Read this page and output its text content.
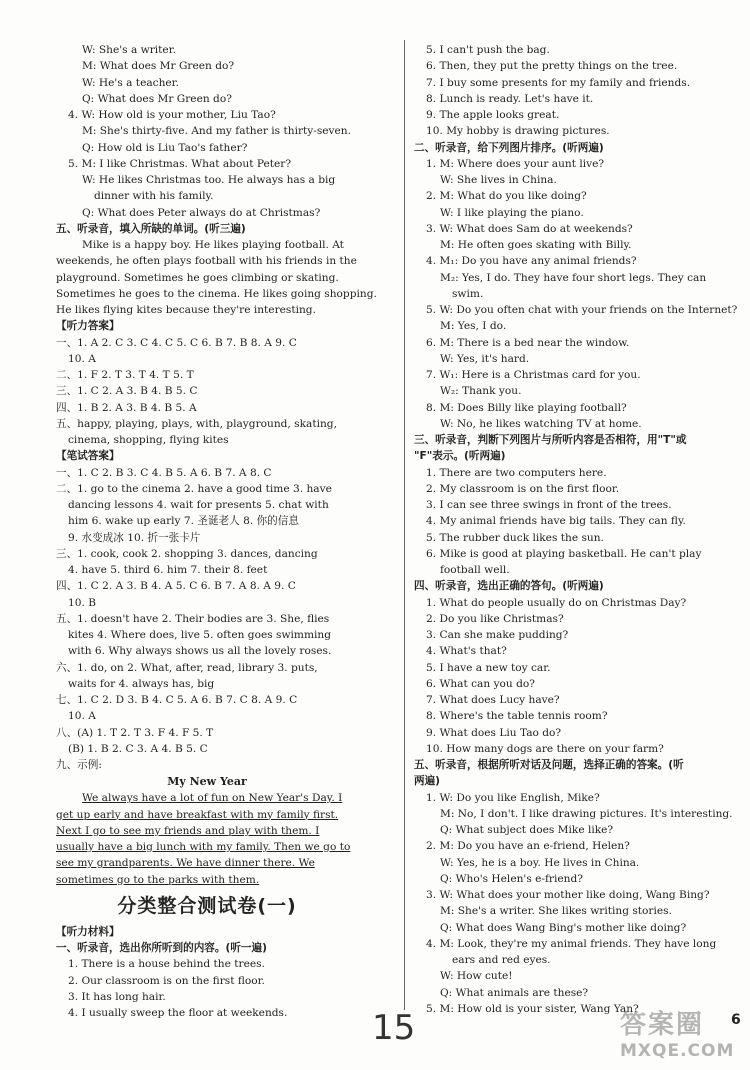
W: She's a writer.
M: What does Mr Green do?
W: He's a teacher.
Q: What does Mr Green do?
4. W: How old is your mother, Liu Tao?
M: She's thirty-five. And my father is thirty-seven.
Q: How old is Liu Tao's father?
5. M: I like Christmas. What about Peter?
W: He likes Christmas too. He always has a big
dinner with his family.
Q: What does Peter always do at Christmas?
五、听录音，填入所缺的单词。(听三遍)
Mike is a happy boy. He likes playing football. At
weekends, he often plays football with his friends in the
playground. Sometimes he goes climbing or skating.
Sometimes he goes to the cinema. He likes going shopping.
He likes flying kites because they're interesting.
【听力答案】
一、1. A 2. C 3. C 4. C 5. C 6. B 7. B 8. A 9. C
10. A
二、1. F 2. T 3. T 4. T 5. T
三、1. C 2. A 3. B 4. B 5. C
四、1. B 2. A 3. B 4. B 5. A
五、happy, playing, plays, with, playground, skating,
cinema, shopping, flying kites
【笔试答案】
一、1. C 2. B 3. C 4. B 5. A 6. B 7. A 8. C
二、1. go to the cinema 2. have a good time 3. have
dancing lessons 4. wait for presents 5. chat with
him 6. wake up early 7. 圣诞老人 8. 你的信息
9. 水变成冰 10. 折一张卡片
三、1. cook, cook 2. shopping 3. dances, dancing
4. have 5. third 6. him 7. their 8. feet
四、1. C 2. A 3. B 4. A 5. C 6. B 7. A 8. A 9. C
10. B
五、1. doesn't have 2. Their bodies are 3. She, flies
kites 4. Where does, live 5. often goes swimming
with 6. Why always shows us all the lovely roses.
六、1. do, on 2. What, after, read, library 3. puts,
waits for 4. always has, big
七、1. C 2. D 3. B 4. C 5. A 6. B 7. C 8. A 9. C
10. A
八、(A) 1. T 2. T 3. F 4. F 5. T
(B) 1. B 2. C 3. A 4. B 5. C
九、示例:
My New Year
We always have a lot of fun on New Year's Day. I
get up early and have breakfast with my family first.
Next I go to see my friends and play with them. I
usually have a big lunch with my family. Then we go to
see my grandparents. We have dinner there. We
sometimes go to the parks with them.
分类整合测试卷(一)
【听力材料】
一、听录音，选出你所听到的内容。(听一遍)
1. There is a house behind the trees.
2. Our classroom is on the first floor.
3. It has long hair.
4. I usually sweep the floor at weekends.
5. I can't push the bag.
6. Then, they put the pretty things on the tree.
7. I buy some presents for my family and friends.
8. Lunch is ready. Let's have it.
9. The apple looks great.
10. My hobby is drawing pictures.
二、听录音，给下列图片排序。(听两遍)
1. M: Where does your aunt live?
W: She lives in China.
2. M: What do you like doing?
W: I like playing the piano.
3. W: What does Sam do at weekends?
M: He often goes skating with Billy.
4. M₁: Do you have any animal friends?
M₂: Yes, I do. They have four short legs. They can
swim.
5. W: Do you often chat with your friends on the Internet?
M: Yes, I do.
6. M: There is a bed near the window.
W: Yes, it's hard.
7. W₁: Here is a Christmas card for you.
W₂: Thank you.
8. M: Does Billy like playing football?
W: No, he likes watching TV at home.
三、听录音，判断下列图片与所听内容是否相符，用"T"或
"F"表示。(听两遍)
1. There are two computers here.
2. My classroom is on the first floor.
3. I can see three swings in front of the trees.
4. My animal friends have big tails. They can fly.
5. The rubber duck likes the sun.
6. Mike is good at playing basketball. He can't play
football well.
四、听录音，选出正确的答句。(听两遍)
1. What do people usually do on Christmas Day?
2. Do you like Christmas?
3. Can she make pudding?
4. What's that?
5. I have a new toy car.
6. What can you do?
7. What does Lucy have?
8. Where's the table tennis room?
9. What does Liu Tao do?
10. How many dogs are there on your farm?
五、听录音，根据所听对话及问题，选择正确的答案。(听
两遍)
1. W: Do you like English, Mike?
M: No, I don't. I like drawing pictures. It's interesting.
Q: What subject does Mike like?
2. M: Do you have an e-friend, Helen?
W: Yes, he is a boy. He lives in China.
Q: Who's Helen's e-friend?
3. W: What does your mother like doing, Wang Bing?
M: She's a writer. She likes writing stories.
Q: What does Wang Bing's mother like doing?
4. M: Look, they're my animal friends. They have long
ears and red eyes.
W: How cute!
Q: What animals are these?
5. M: How old is your sister, Wang Yan?
15	6
答案圈
MXQE.COM
